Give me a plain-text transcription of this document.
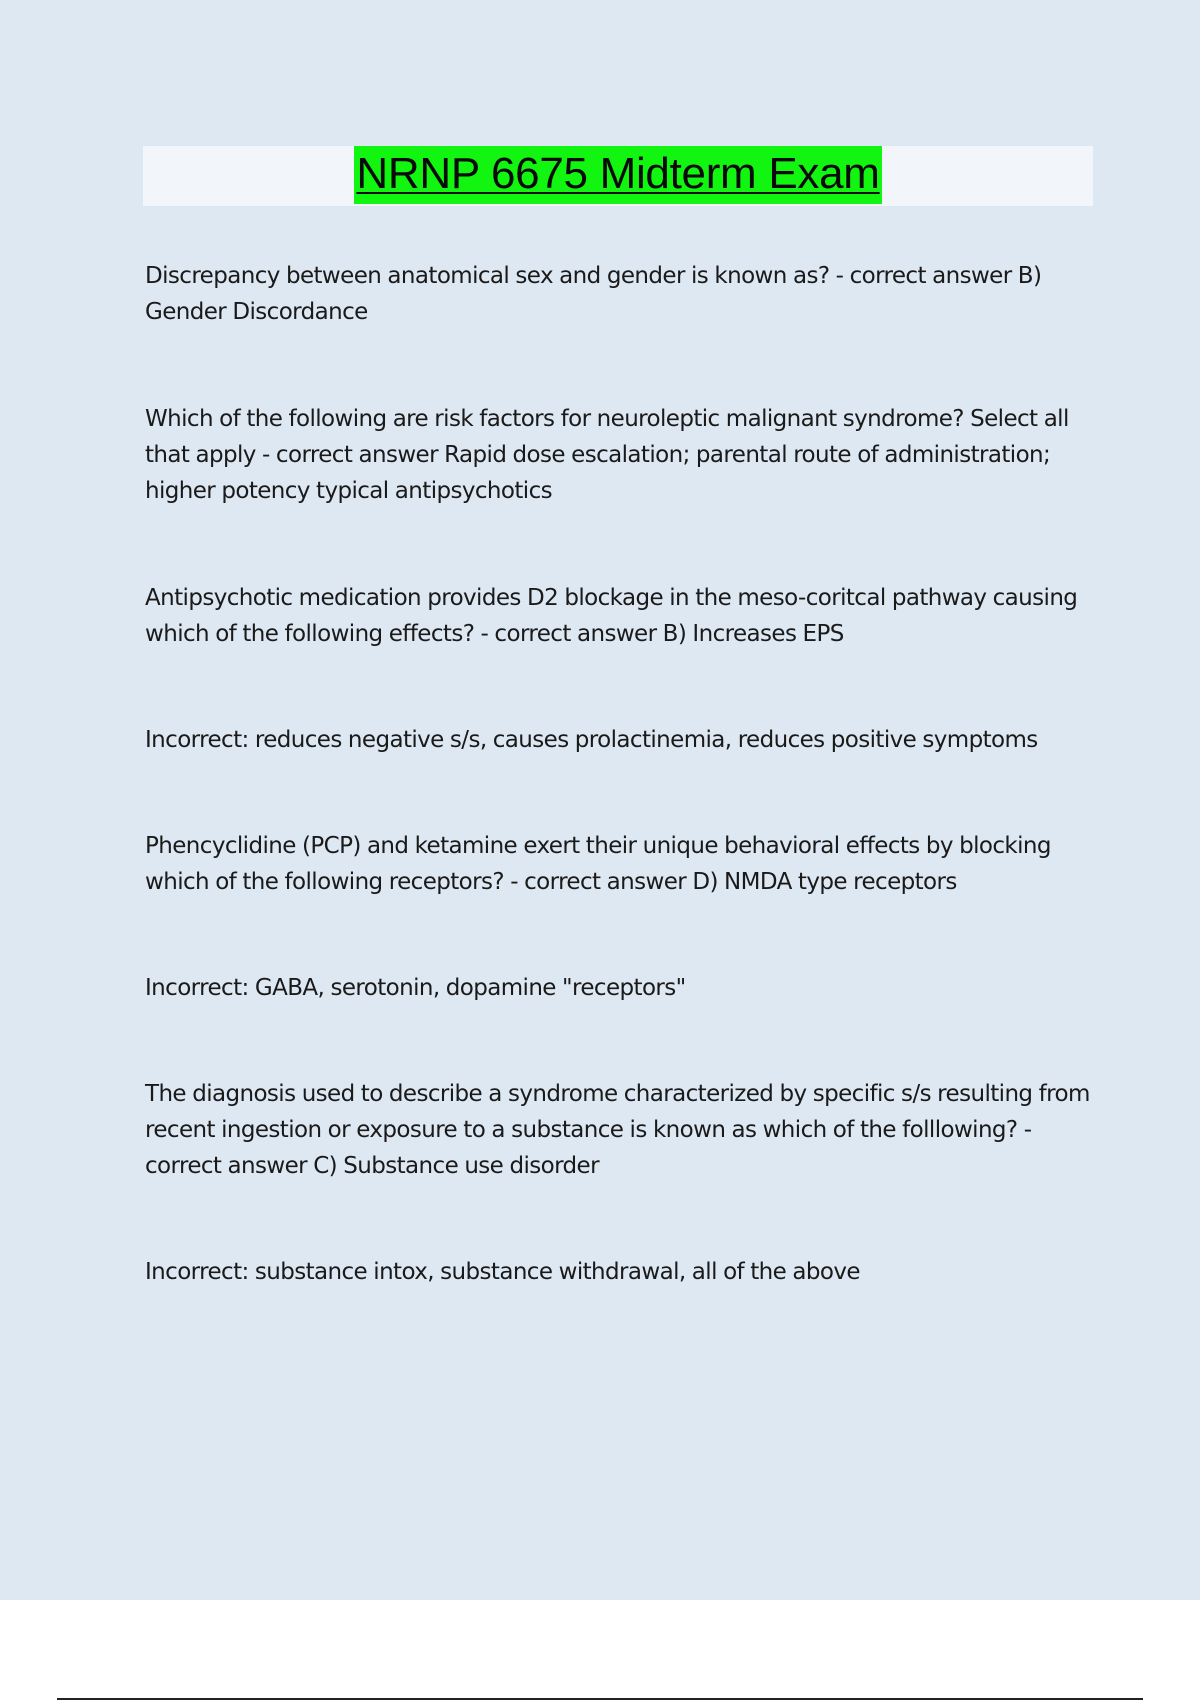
NRNP 6675 Midterm Exam

Discrepancy between anatomical sex and gender is known as? - correct answer B) Gender Discordance

Which of the following are risk factors for neuroleptic malignant syndrome? Select all that apply - correct answer Rapid dose escalation; parental route of administration; higher potency typical antipsychotics

Antipsychotic medication provides D2 blockage in the meso-coritcal pathway causing which of the following effects? - correct answer B) Increases EPS

Incorrect: reduces negative s/s, causes prolactinemia, reduces positive symptoms

Phencyclidine (PCP) and ketamine exert their unique behavioral effects by blocking which of the following receptors? - correct answer D) NMDA type receptors

Incorrect: GABA, serotonin, dopamine "receptors"

The diagnosis used to describe a syndrome characterized by specific s/s resulting from recent ingestion or exposure to a substance is known as which of the folllowing? - correct answer C) Substance use disorder

Incorrect: substance intox, substance withdrawal, all of the above
